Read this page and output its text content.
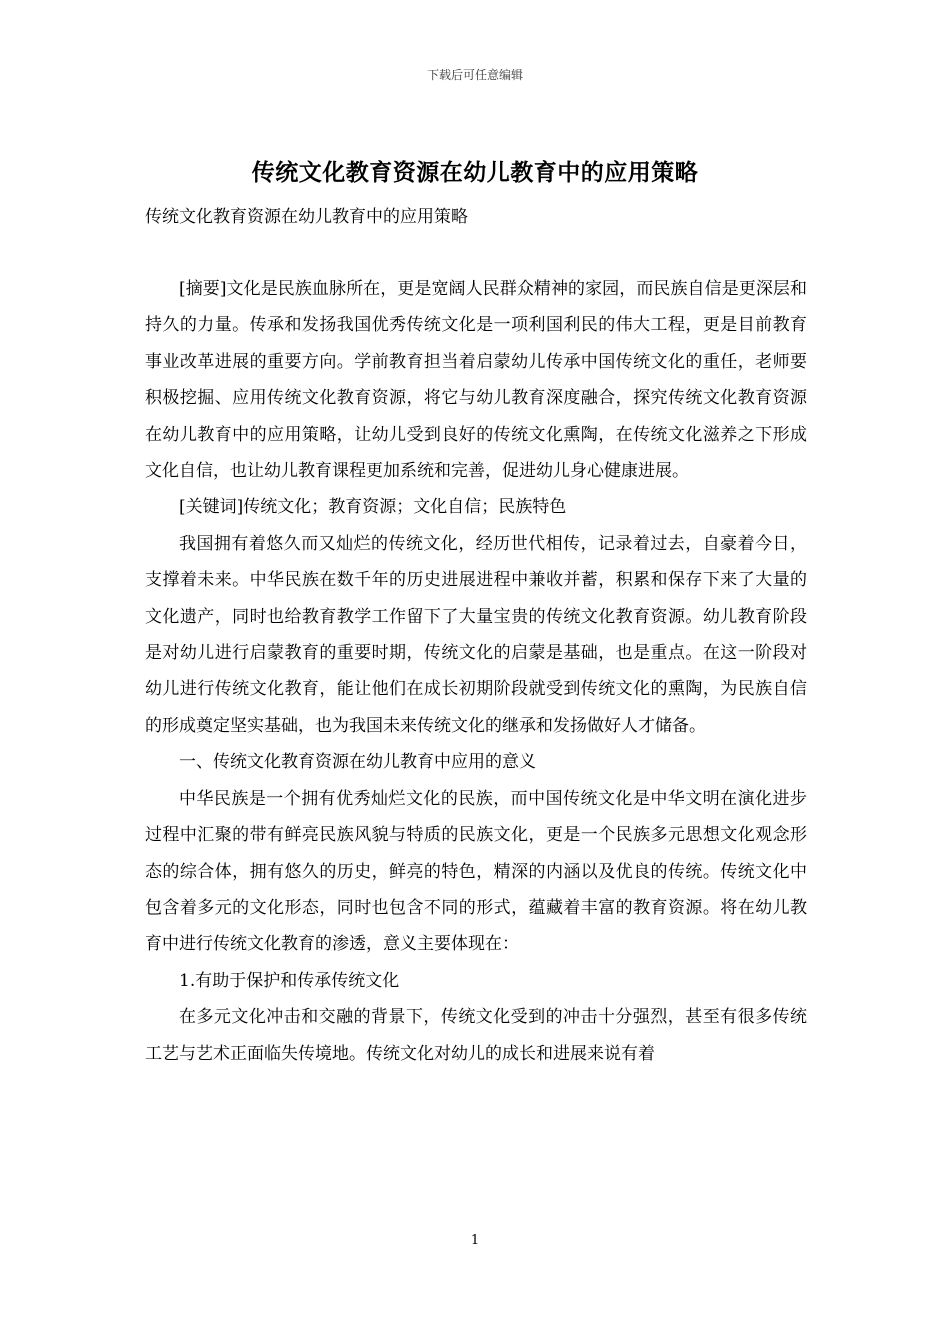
下载后可任意编辑
传统文化教育资源在幼儿教育中的应用策略
传统文化教育资源在幼儿教育中的应用策略

[摘要]文化是民族血脉所在，更是宽阔人民群众精神的家园，而民族自信是更深层和持久的力量。传承和发扬我国优秀传统文化是一项利国利民的伟大工程，更是目前教育事业改革进展的重要方向。学前教育担当着启蒙幼儿传承中国传统文化的重任，老师要积极挖掘、应用传统文化教育资源，将它与幼儿教育深度融合，探究传统文化教育资源在幼儿教育中的应用策略，让幼儿受到良好的传统文化熏陶，在传统文化滋养之下形成文化自信，也让幼儿教育课程更加系统和完善，促进幼儿身心健康进展。

[关键词]传统文化；教育资源；文化自信；民族特色

我国拥有着悠久而又灿烂的传统文化，经历世代相传，记录着过去，自豪着今日，支撑着未来。中华民族在数千年的历史进展进程中兼收并蓄，积累和保存下来了大量的文化遗产，同时也给教育教学工作留下了大量宝贵的传统文化教育资源。幼儿教育阶段是对幼儿进行启蒙教育的重要时期，传统文化的启蒙是基础，也是重点。在这一阶段对幼儿进行传统文化教育，能让他们在成长初期阶段就受到传统文化的熏陶，为民族自信的形成奠定坚实基础，也为我国未来传统文化的继承和发扬做好人才储备。

一、传统文化教育资源在幼儿教育中应用的意义

中华民族是一个拥有优秀灿烂文化的民族，而中国传统文化是中华文明在演化进步过程中汇聚的带有鲜亮民族风貌与特质的民族文化，更是一个民族多元思想文化观念形态的综合体，拥有悠久的历史，鲜亮的特色，精深的内涵以及优良的传统。传统文化中包含着多元的文化形态，同时也包含不同的形式，蕴藏着丰富的教育资源。将在幼儿教育中进行传统文化教育的渗透，意义主要体现在：

1.有助于保护和传承传统文化

在多元文化冲击和交融的背景下，传统文化受到的冲击十分强烈，甚至有很多传统工艺与艺术正面临失传境地。传统文化对幼儿的成长和进展来说有着

1
